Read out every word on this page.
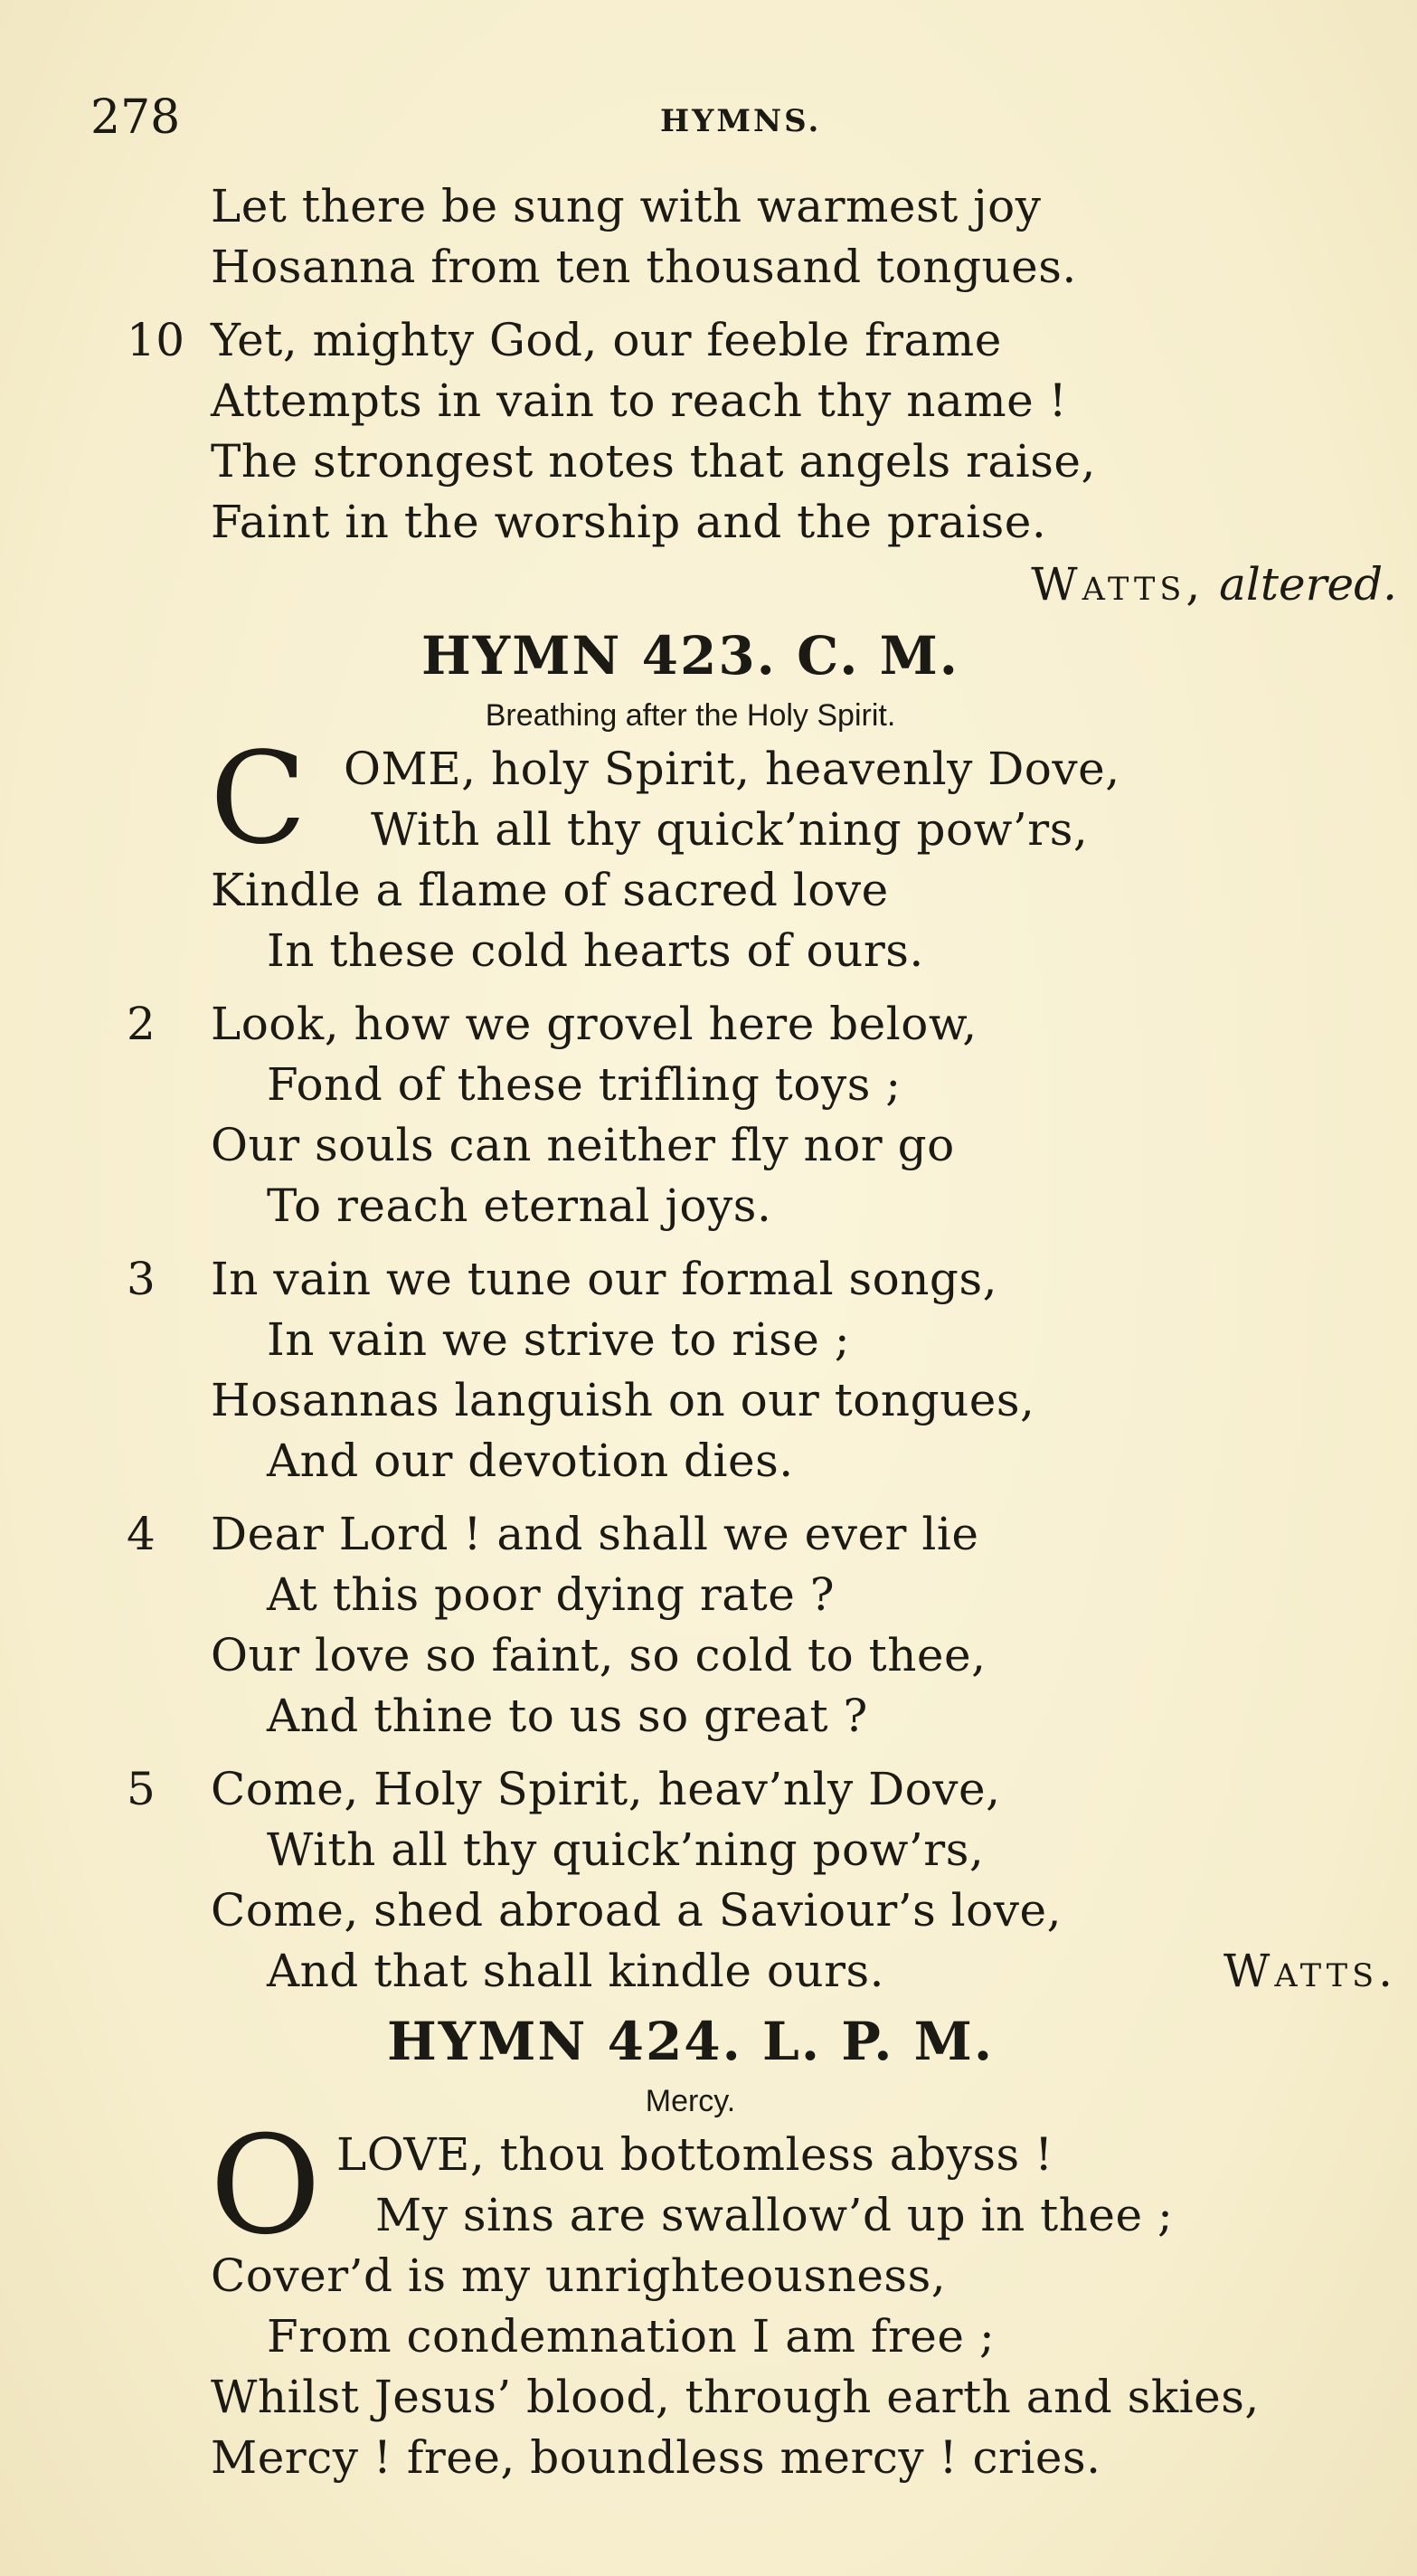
278	HYMNS.
Let there be sung with warmest joy
Hosanna from ten thousand tongues.
10 Yet, mighty God, our feeble frame
Attempts in vain to reach thy name !
The strongest notes that angels raise,
Faint in the worship and the praise.
Watts, altered.
HYMN 423. C. M.
Breathing after the Holy Spirit.
C OME, holy Spirit, heavenly Dove,
With all thy quick’ning pow’rs,
Kindle a flame of sacred love
In these cold hearts of ours.
2 Look, how we grovel here below,
Fond of these trifling toys ;
Our souls can neither fly nor go
To reach eternal joys.
3 In vain we tune our formal songs,
In vain we strive to rise ;
Hosannas languish on our tongues,
And our devotion dies.
4 Dear Lord ! and shall we ever lie
At this poor dying rate ?
Our love so faint, so cold to thee,
And thine to us so great ?
5 Come, Holy Spirit, heav’nly Dove,
With all thy quick’ning pow’rs,
Come, shed abroad a Saviour’s love,
And that shall kindle ours.	Watts.
HYMN 424. L. P. M.
Mercy.
O LOVE, thou bottomless abyss !
My sins are swallow’d up in thee ;
Cover’d is my unrighteousness,
From condemnation I am free ;
Whilst Jesus’ blood, through earth and skies,
Mercy ! free, boundless mercy ! cries.
